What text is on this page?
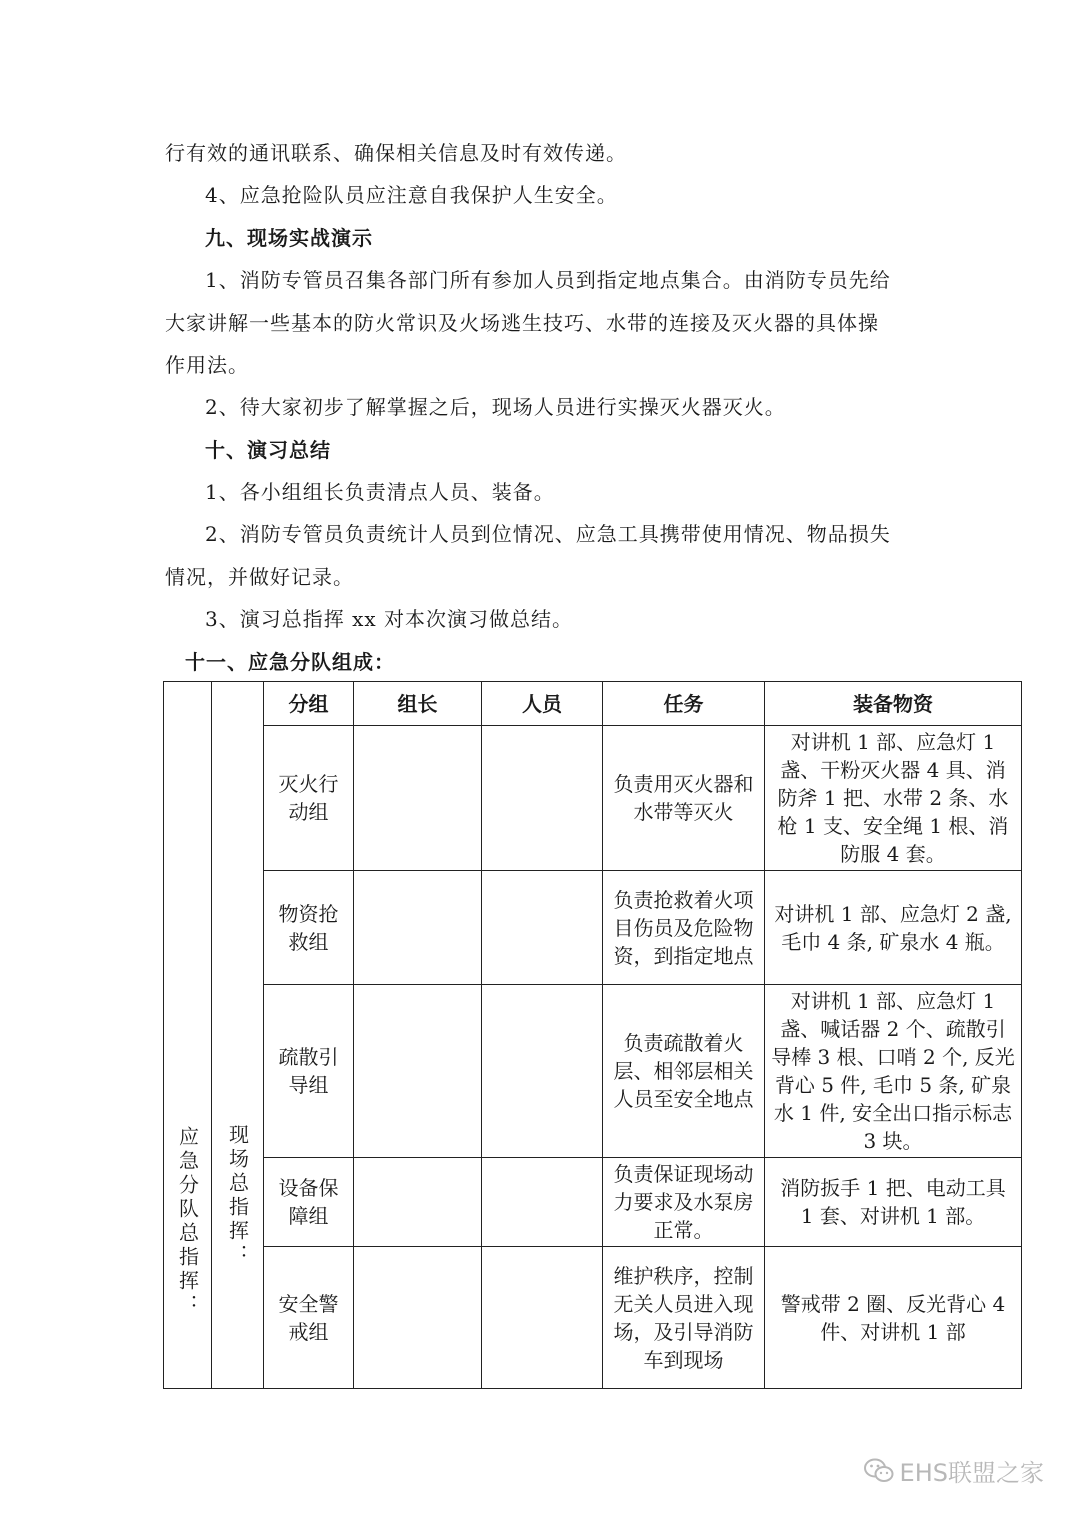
行有效的通讯联系、确保相关信息及时有效传递。
4、应急抢险队员应注意自我保护人生安全。
九、现场实战演示
1、消防专管员召集各部门所有参加人员到指定地点集合。由消防专员先给
大家讲解一些基本的防火常识及火场逃生技巧、水带的连接及灭火器的具体操
作用法。
2、待大家初步了解掌握之后，现场人员进行实操灭火器灭火。
十、演习总结
1、各小组组长负责清点人员、装备。
2、消防专管员负责统计人员到位情况、应急工具携带使用情况、物品损失
情况，并做好记录。
3、演习总指挥 xx 对本次演习做总结。
十一、应急分队组成：
应急分队总指挥：	现场总指挥：	分组	组长	人员	任务	装备物资
		灭火行动组			负责用灭火器和水带等灭火	对讲机 1 部、应急灯 1 盏、干粉灭火器 4 具、消防斧 1 把、水带 2 条、水枪 1 支、安全绳 1 根、消防服 4 套。
		物资抢救组			负责抢救着火项目伤员及危险物资，到指定地点	对讲机 1 部、应急灯 2 盏, 毛巾 4 条, 矿泉水 4 瓶。
		疏散引导组			负责疏散着火层、相邻层相关人员至安全地点	对讲机 1 部、应急灯 1 盏、喊话器 2 个、疏散引导棒 3 根、口哨 2 个, 反光背心 5 件, 毛巾 5 条, 矿泉水 1 件, 安全出口指示标志 3 块。
		设备保障组			负责保证现场动力要求及水泵房正常。	消防扳手 1 把、电动工具 1 套、对讲机 1 部。
		安全警戒组			维护秩序，控制无关人员进入现场，及引导消防车到现场	警戒带 2 圈、反光背心 4 件、对讲机 1 部
EHS联盟之家
